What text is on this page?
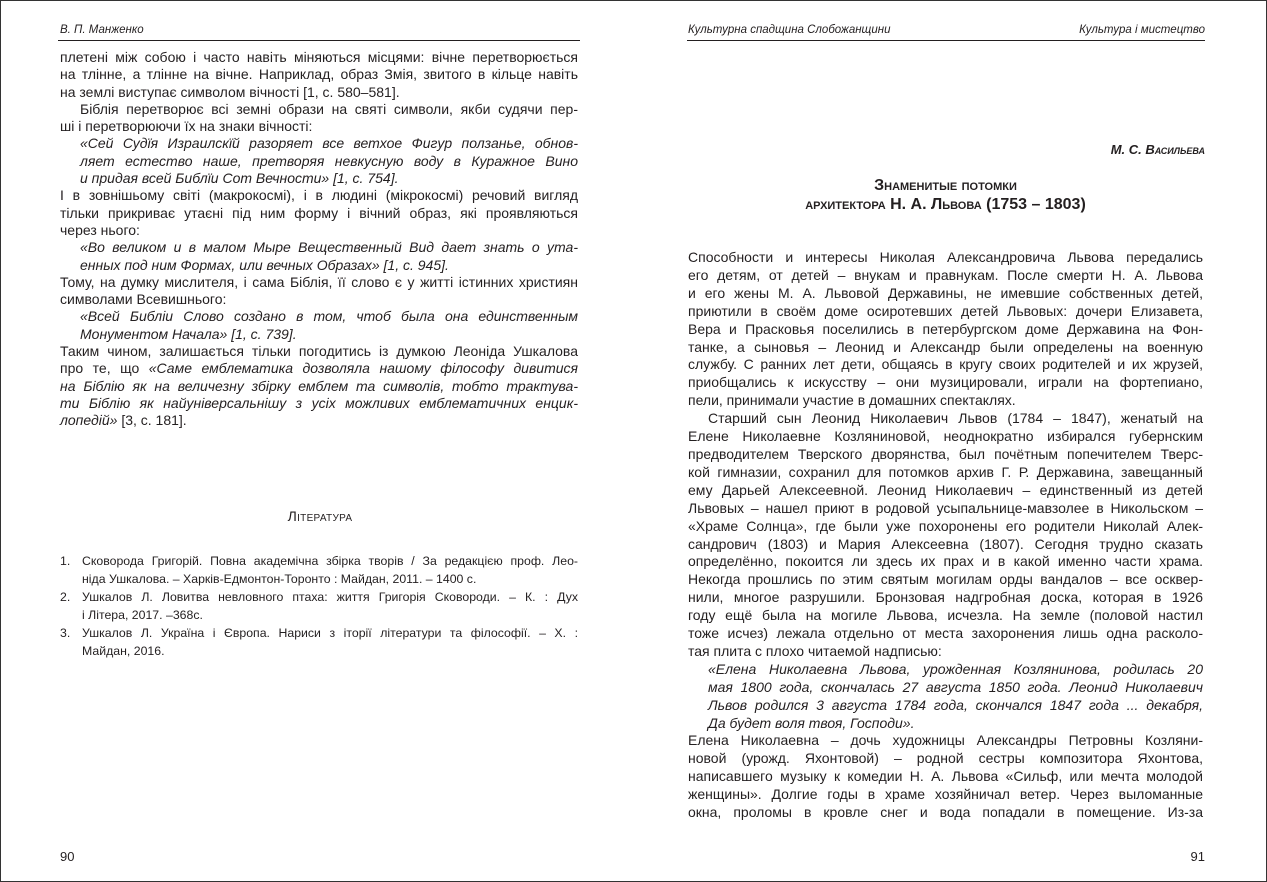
В. П. Манженко
плетені між собою і часто навіть міняються місцями: вічне перетворюється
на тлінне, а тлінне на вічне. Наприклад, образ Змія, звитого в кільце навіть
на землі виступає символом вічності [1, с. 580–581].
Біблія перетворює всі земні образи на святі символи, якби судячи пер-
ші і перетворюючи їх на знаки вічності:
«Сей Судїя Израилскїй разоряет все ветхое Фигур ползанье, обнов-
ляет естество наше, претворяя невкусную воду в Куражное Вино
и придая всей Библїи Сот Вечности» [1, с. 754].
І в зовнішьому світі (макрокосмі), і в людині (мікрокосмі) речовий вигляд
тільки прикриває утаєні під ним форму і вічний образ, які проявляються
через нього:
«Во великом и в малом Мыре Вещественный Вид дает знать о ута-
енных под ним Формах, или вечных Образах» [1, с. 945].
Тому, на думку мислителя, і сама Біблія, її слово є у житті істинних християн
символами Всевишнього:
«Всей Библіи Слово создано в том, чтоб была она единственным
Монументом Начала» [1, с. 739].
Таким чином, залишається тільки погодитись із думкою Леоніда Ушкалова
про те, що «Саме емблематика дозволяла нашому філософу дивитися
на Біблію як на величезну збірку емблем та символів, тобто трактува-
ти Біблію як найуніверсальнішу з усіх можливих емблематичних енцик-
лопедій» [3, с. 181].
Література
1. Сковорода Григорій. Повна академічна збірка творів / За редакцією проф. Лео-
ніда Ушкалова. – Харків-Едмонтон-Торонто : Майдан, 2011. – 1400 с.
2. Ушкалов Л. Ловитва невловного птаха: життя Григорія Сковороди. – К. : Дух
і Літера, 2017. –368с.
3. Ушкалов Л. Україна і Європа. Нариси з іторії літератури та філософії. – Х. :
Майдан, 2016.
90
Культурна спадщина Слобожанщини	Культура і мистецтво
М. С. Васильева
Знаменитые потомки
архитектора Н. А. Львова (1753 – 1803)
Способности и интересы Николая Александровича Львова передались
его детям, от детей – внукам и правнукам. После смерти Н. А. Львова
и его жены М. А. Львовой Державины, не имевшие собственных детей,
приютили в своём доме осиротевших детей Львовых: дочери Елизавета,
Вера и Прасковья поселились в петербургском доме Державина на Фон-
танке, а сыновья – Леонид и Александр были определены на военную
службу. С ранних лет дети, общаясь в кругу своих родителей и их жрузей,
приобщались к искусству – они музицировали, играли на фортепиано,
пели, принимали участие в домашних спектаклях.
Старший сын Леонид Николаевич Львов (1784 – 1847), женатый на
Елене Николаевне Козляниновой, неоднократно избирался губернским
предводителем Тверского дворянства, был почётным попечителем Тверс-
кой гимназии, сохранил для потомков архив Г. Р. Державина, завещанный
ему Дарьей Алексеевной. Леонид Николаевич – единственный из детей
Львовых – нашел приют в родовой усыпальнице-мавзолее в Никольском –
«Храме Солнца», где были уже похоронены его родители Николай Алек-
сандрович (1803) и Мария Алексеевна (1807). Сегодня трудно сказать
определённо, покоится ли здесь их прах и в какой именно части храма.
Некогда прошлись по этим святым могилам орды вандалов – все осквер-
нили, многое разрушили. Бронзовая надгробная доска, которая в 1926
году ещё была на могиле Львова, исчезла. На земле (половой настил
тоже исчез) лежала отдельно от места захоронения лишь одна расколо-
тая плита с плохо читаемой надписью:
«Елена Николаевна Львова, урожденная Козлянинова, родилась 20
мая 1800 года, скончалась 27 августа 1850 года. Леонид Николаевич
Львов родился 3 августа 1784 года, скончался 1847 года ... декабря,
Да будет воля твоя, Господи».
Елена Николаевна – дочь художницы Александры Петровны Козляни-
новой (урожд. Яхонтовой) – родной сестры композитора Яхонтова,
написавшего музыку к комедии Н. А. Львова «Сильф, или мечта молодой
женщины». Долгие годы в храме хозяйничал ветер. Через выломанные
окна, проломы в кровле снег и вода попадали в помещение. Из-за
91
